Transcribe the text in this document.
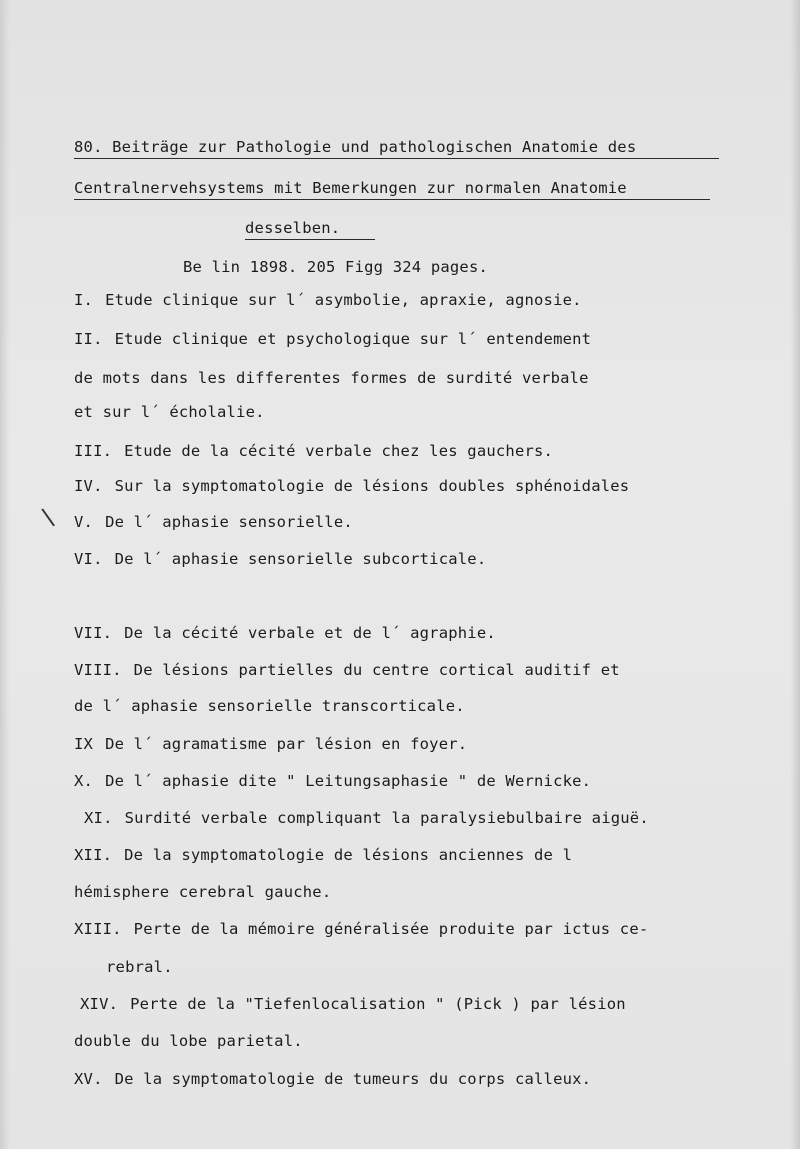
80. Beiträge zur Pathologie und pathologischen Anatomie des
Centralnervehsystems mit Bemerkungen zur normalen Anatomie
desselben.
Be lin 1898. 205 Figg 324 pages.
I. Etude clinique sur l´ asymbolie, apraxie, agnosie.
II. Etude clinique et psychologique sur l´ entendement
de mots dans les differentes formes de surdité verbale
et sur l´ écholalie.
III. Etude de la cécité verbale chez les gauchers.
IV. Sur la symptomatologie de lésions doubles sphénoidales
\ V. De l´ aphasie sensorielle.
VI. De l´ aphasie sensorielle subcorticale.
VII. De la cécité verbale et de l´ agraphie.
VIII. De lésions partielles du centre cortical auditif et
de l´ aphasie sensorielle transcorticale.
IX De l´ agramatisme par lésion en foyer.
X. De l´ aphasie dite " Leitungsaphasie " de Wernicke.
XI. Surdité verbale compliquant la paralysiebulbaire aiguë.
XII. De la symptomatologie de lésions anciennes de l
hémisphere cerebral gauche.
XIII. Perte de la mémoire généralisée produite par ictus ce-
rebral.
XIV. Perte de la "Tiefenlocalisation " (Pick ) par lésion
double du lobe parietal.
XV. De la symptomatologie de tumeurs du corps calleux.
